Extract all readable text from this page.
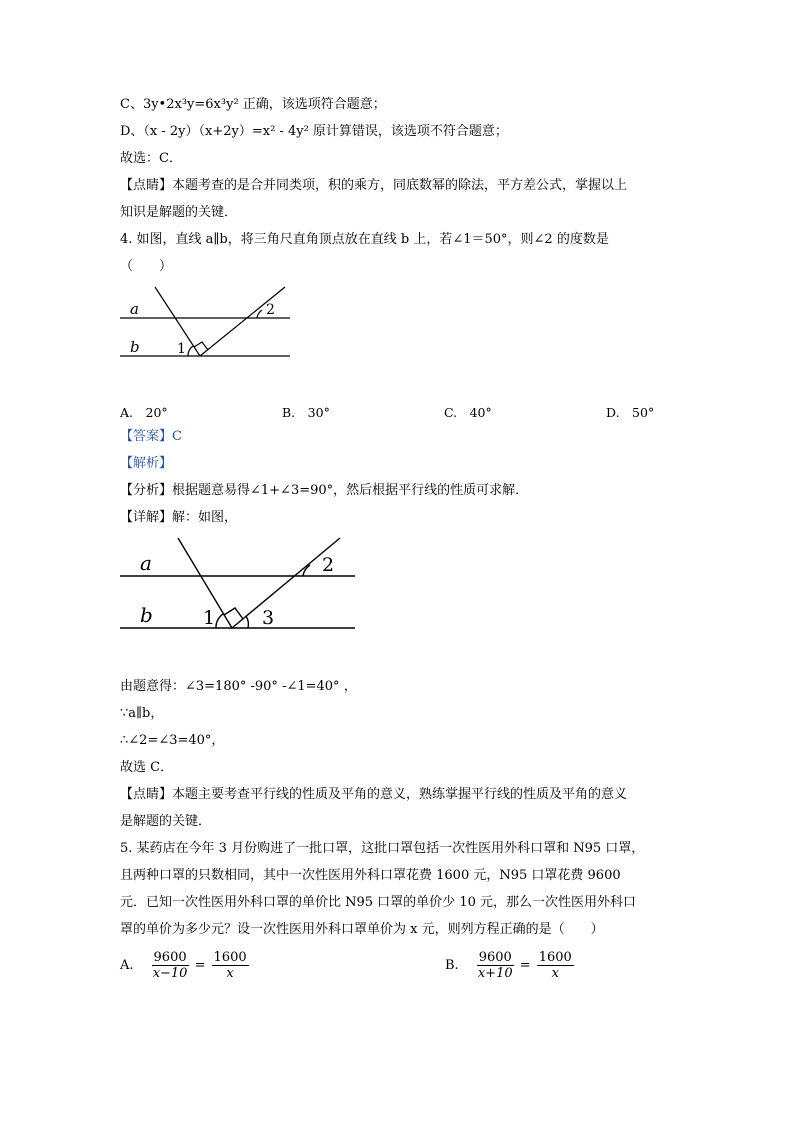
C、3y•2x³y=6x³y² 正确，该选项符合题意；
D、（x - 2y）（x+2y）=x² - 4y² 原计算错误，该选项不符合题意；
故选：C．
【点睛】本题考查的是合并同类项，积的乘方，同底数幂的除法，平方差公式，掌握以上
知识是解题的关键．
4. 如图，直线 a∥b，将三角尺直角顶点放在直线 b 上，若∠1＝50°，则∠2 的度数是
（　　）
a
b	1
2
a
b	1
2
3
A.　20°	B.　30°	C.　40°	D.　50°
【答案】C
【解析】
【分析】根据题意易得∠1+∠3=90°，然后根据平行线的性质可求解．
【详解】解：如图，
由题意得：∠3=180° -90° -∠1=40° ，
∵a∥b，
∴∠2=∠3=40°，
故选 C．
【点睛】本题主要考查平行线的性质及平角的意义，熟练掌握平行线的性质及平角的意义
是解题的关键．
5. 某药店在今年 3 月份购进了一批口罩，这批口罩包括一次性医用外科口罩和 N95 口罩，
且两种口罩的只数相同，其中一次性医用外科口罩花费 1600 元，N95 口罩花费 9600
元．已知一次性医用外科口罩的单价比 N95 口罩的单价少 10 元，那么一次性医用外科口
罩的单价为多少元？设一次性医用外科口罩单价为 x 元，则列方程正确的是（　　）
A. $\frac{9600}{x-10} = \frac{1600}{x}$	B. $\frac{9600}{x+10} = \frac{1600}{x}$
